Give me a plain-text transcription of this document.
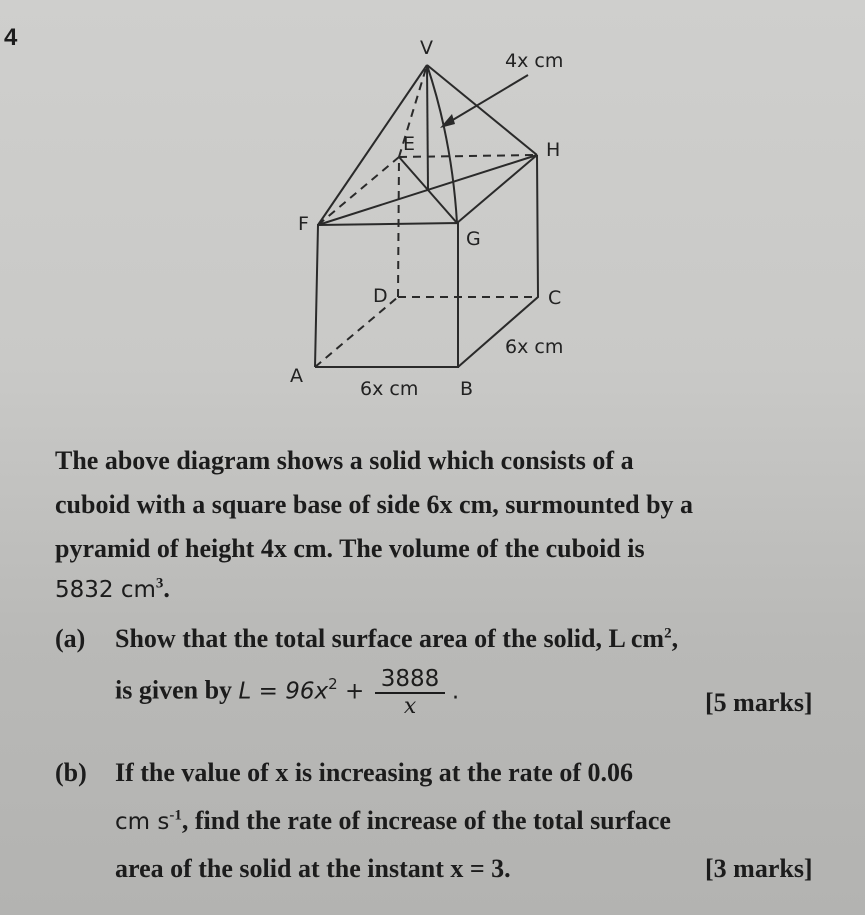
4	V
E	H
F
G
D	C
A
B
4x cm
6x cm
6x cm
The above diagram shows a solid which consists of a
cuboid with a square base of side 6x cm, surmounted by a
pyramid of height 4x cm. The volume of the cuboid is
5832 $cm^3$.
(a) Show that the total surface area of the solid, L $cm^2$,
is given by $L = 96x^2 + \frac{3888}{x}$ .	[5 marks]
(b) If the value of x is increasing at the rate of 0.06
cm $s^{-1}$, find the rate of increase of the total surface
area of the solid at the instant x = 3.	[3 marks]
